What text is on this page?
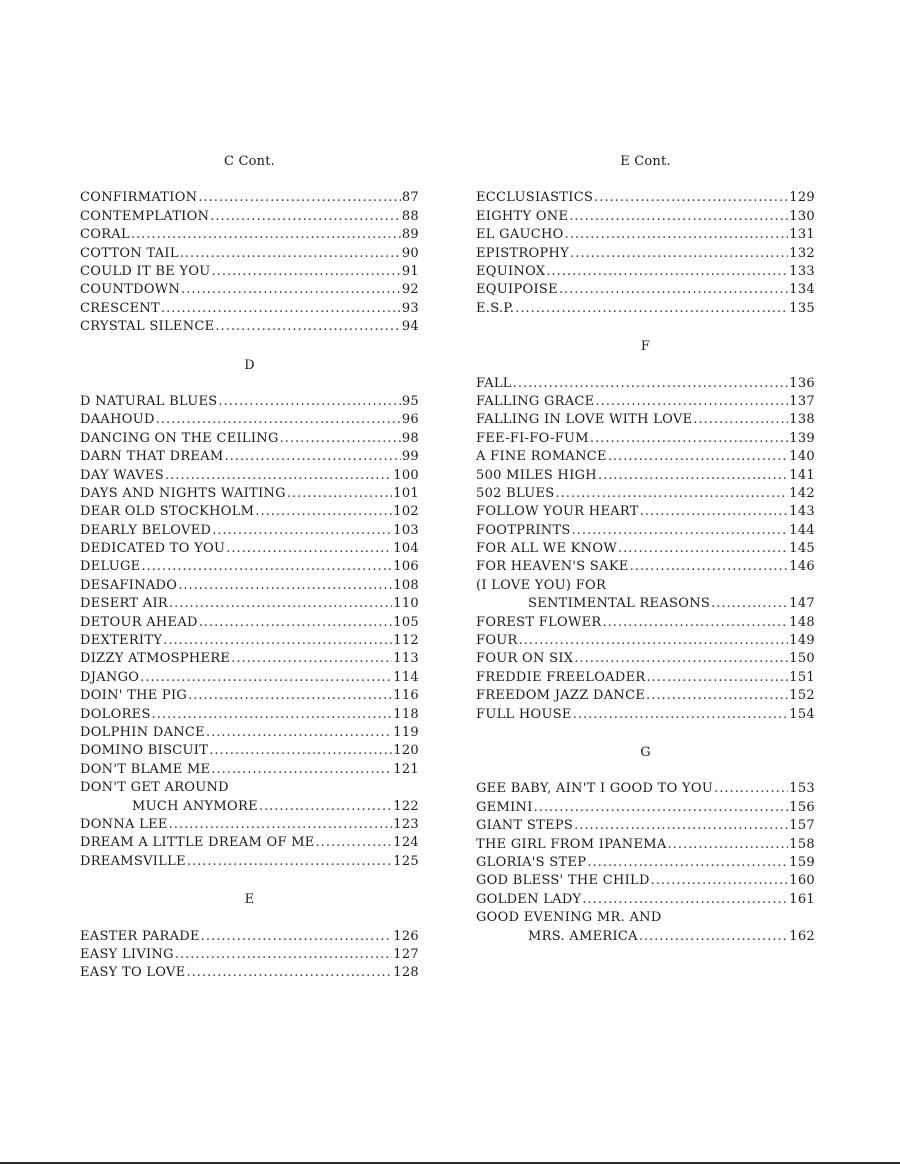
C Cont.
CONFIRMATION .....	87
CONTEMPLATION .....	88
CORAL .....	89
COTTON TAIL .....	90
COULD IT BE YOU .....	91
COUNTDOWN .....	92
CRESCENT .....	93
CRYSTAL SILENCE .....	94
D
D NATURAL BLUES .....	95
DAAHOUD .....	96
DANCING ON THE CEILING .....	98
DARN THAT DREAM .....	99
DAY WAVES .....	100
DAYS AND NIGHTS WAITING .....	101
DEAR OLD STOCKHOLM .....	102
DEARLY BELOVED .....	103
DEDICATED TO YOU .....	104
DELUGE .....	106
DESAFINADO .....	108
DESERT AIR .....	110
DETOUR AHEAD .....	105
DEXTERITY .....	112
DIZZY ATMOSPHERE .....	113
DJANGO .....	114
DOIN' THE PIG .....	116
DOLORES .....	118
DOLPHIN DANCE .....	119
DOMINO BISCUIT .....	120
DON'T BLAME ME .....	121
DON'T GET AROUND
MUCH ANYMORE .....	122
DONNA LEE .....	123
DREAM A LITTLE DREAM OF ME .....	124
DREAMSVILLE .....	125
E
EASTER PARADE .....	126
EASY LIVING .....	127
EASY TO LOVE .....	128
E Cont.
ECCLUSIASTICS .....	129
EIGHTY ONE .....	130
EL GAUCHO .....	131
EPISTROPHY .....	132
EQUINOX .....	133
EQUIPOISE .....	134
E.S.P. .....	135
F
FALL .....	136
FALLING GRACE .....	137
FALLING IN LOVE WITH LOVE .....	138
FEE-FI-FO-FUM .....	139
A FINE ROMANCE .....	140
500 MILES HIGH .....	141
502 BLUES .....	142
FOLLOW YOUR HEART .....	143
FOOTPRINTS .....	144
FOR ALL WE KNOW .....	145
FOR HEAVEN'S SAKE .....	146
(I LOVE YOU) FOR
SENTIMENTAL REASONS .....	147
FOREST FLOWER .....	148
FOUR .....	149
FOUR ON SIX .....	150
FREDDIE FREELOADER .....	151
FREEDOM JAZZ DANCE .....	152
FULL HOUSE .....	154
G
GEE BABY, AIN'T I GOOD TO YOU .....	153
GEMINI .....	156
GIANT STEPS .....	157
THE GIRL FROM IPANEMA .....	158
GLORIA'S STEP .....	159
GOD BLESS' THE CHILD .....	160
GOLDEN LADY .....	161
GOOD EVENING MR. AND
MRS. AMERICA .....	162
